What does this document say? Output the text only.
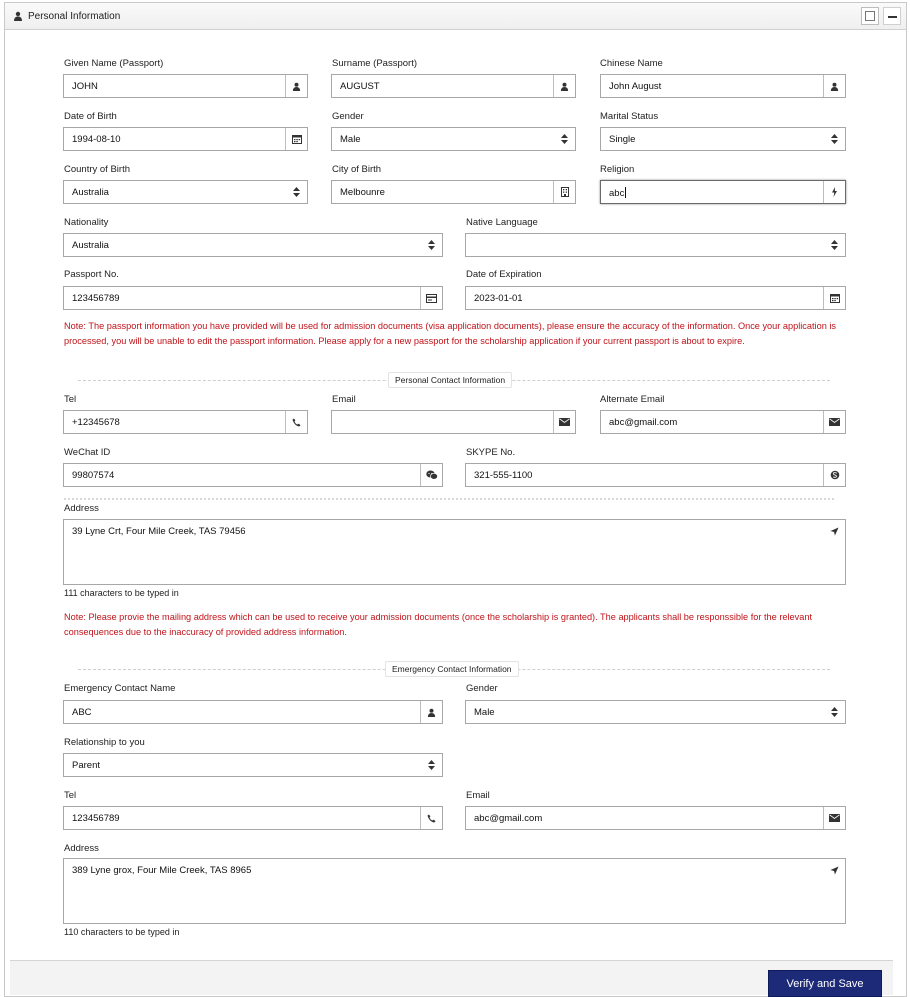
Personal Information
Given Name (Passport)
JOHN
Surname (Passport)
AUGUST
Chinese Name
John August
Date of Birth
1994-08-10
Gender
Male
Marital Status
Single
Country of Birth
Australia
City of Birth
Melbounre
Religion
abc
Nationality
Australia
Native Language
Passport No.
123456789
Date of Expiration
2023-01-01
Note: The passport information you have provided will be used for admission documents (visa application documents), please ensure the accuracy of the information. Once your application is processed, you will be unable to edit the passport information. Please apply for a new passport for the scholarship application if your current passport is about to expire.
Personal Contact Information
Tel
+12345678
Email	Alternate Email
abc@gmail.com
WeChat ID
99807574
SKYPE No.
321-555-1100
Address
39 Lyne Crt, Four Mile Creek, TAS 79456
111 characters to be typed in
Note: Please provie the mailing address which can be used to receive your admission documents (once the scholarship is granted). The applicants shall be responssible for the relevant consequences due to the inaccuracy of provided address information.
Emergency Contact Information
Emergency Contact Name
ABC
Gender
Male
Relationship to you
Parent
Tel
123456789
Email
abc@gmail.com
Address
389 Lyne grox, Four Mile Creek, TAS 8965
110 characters to be typed in
Verify and Save
